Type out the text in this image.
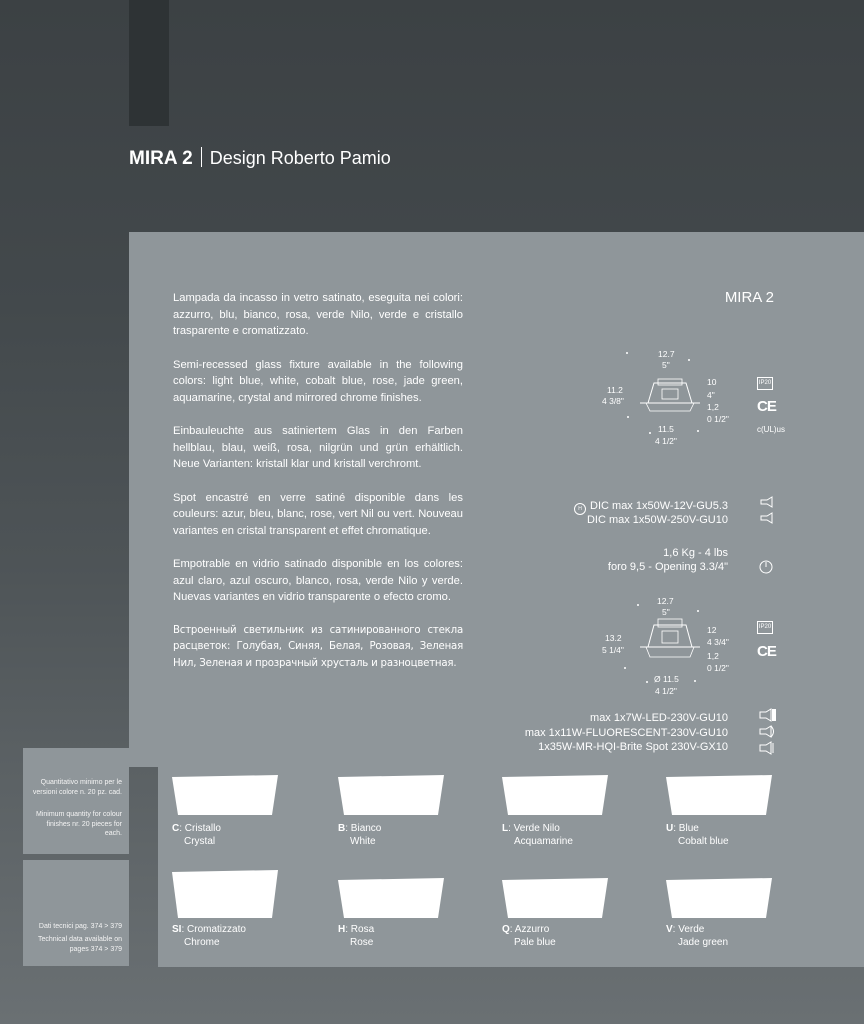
MIRA 2 Design Roberto Pamio
Quantitativo minimo per le versioni colore n. 20 pz. cad.
Minimum quantity for colour finishes nr. 20 pieces for each.
Dati tecnici pag. 374 > 379
Technical data available on pages 374 > 379

Lampada da incasso in vetro satinato, eseguita nei colori: azzurro, blu, bianco, rosa, verde Nilo, verde e cristallo trasparente e cromatizzato.

Semi-recessed glass fixture available in the following colors: light blue, white, cobalt blue, rose, jade green, aquamarine, crystal and mirrored chrome finishes.

Einbauleuchte aus satiniertem Glas in den Farben hellblau, blau, weiß, rosa, nilgrün und grün erhältlich. Neue Varianten: kristall klar und kristall verchromt.

Spot encastré en verre satiné disponible dans les couleurs: azur, bleu, blanc, rose, vert Nil ou vert. Nouveau variantes en cristal transparent et effet chromatique.

Empotrable en vidrio satinado disponible en los colores: azul claro, azul oscuro, blanco, rosa, verde Nilo y verde. Nuevas variantes en vidrio transparente o efecto cromo.

Встроенный светильник из сатинированного стекла расцветок: Голубая, Синяя, Белая, Розовая, Зеленая Нил, Зеленая и прозрачный хрусталь и разноцветная.

MIRA 2
12.7
5"
11.2
4 3/8"
10
4"
1,2
0 1/2"
11.5
4 1/2"
IP20
CE
c(UL)us
H DIC max 1x50W-12V-GU5.3
DIC max 1x50W-250V-GU10
1,6 Kg - 4 lbs
foro 9,5 - Opening 3.3/4"
12.7
5"
13.2
5 1/4"
12
4 3/4"
1,2
0 1/2"
Ø 11.5
4 1/2"
IP20
CE
max 1x7W-LED-230V-GU10
max 1x11W-FLUORESCENT-230V-GU10
1x35W-MR-HQI-Brite Spot 230V-GX10
C: Cristallo
Crystal
B: Bianco
White
L: Verde Nilo
Acquamarine
U: Blue
Cobalt blue
SI: Cromatizzato
Chrome
H: Rosa
Rose
Q: Azzurro
Pale blue
V: Verde
Jade green
